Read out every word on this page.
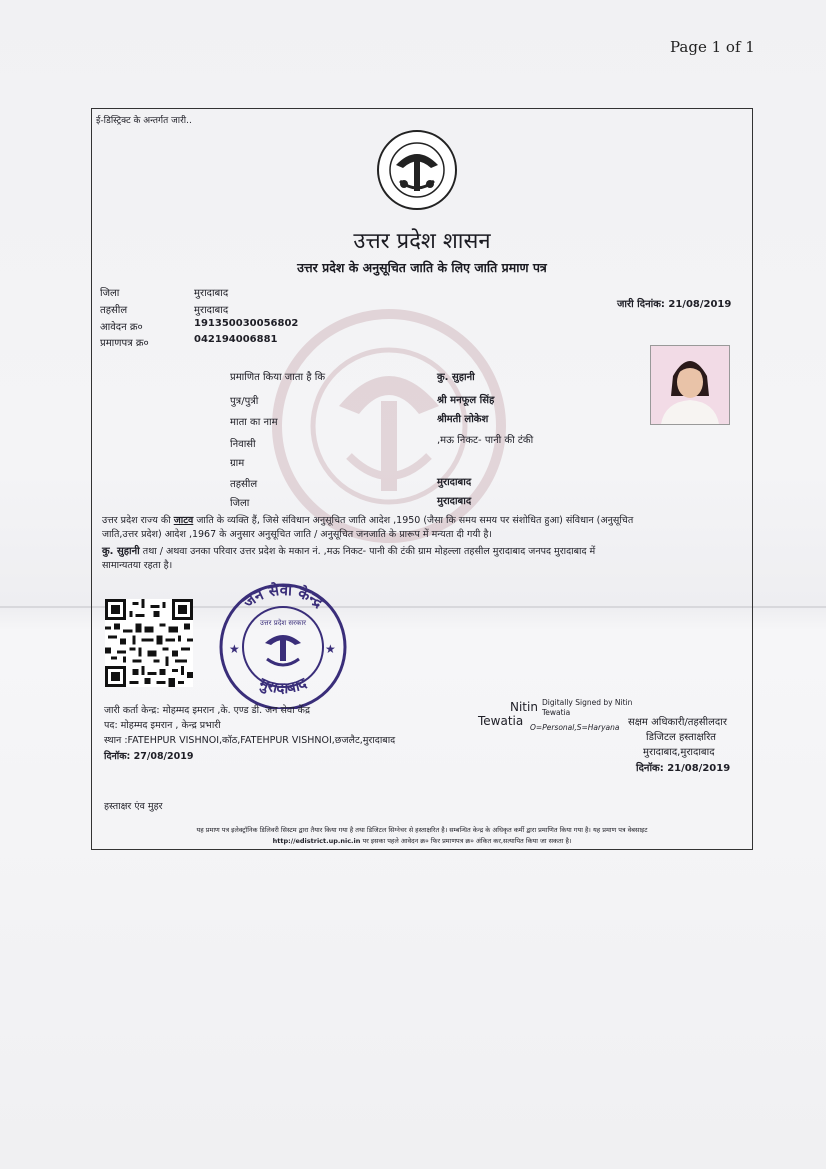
Page 1 of 1
ई-डिस्ट्रिक्ट के अन्तर्गत जारी..
उत्तर प्रदेश शासन
उत्तर प्रदेश के अनुसूचित जाति के लिए जाति प्रमाण पत्र
जिला	मुरादाबाद
तहसील	मुरादाबाद
आवेदन क्र०	191350030056802
प्रमाणपत्र क्र०	042194006881
जारी दिनांक: 21/08/2019
प्रमाणित किया जाता है कि	कु. सुहानी
पुत्र/पुत्री	श्री मनफूल सिंह
माता का नाम	श्रीमती लोकेश
निवासी	,मऊ निकट- पानी की टंकी
ग्राम
तहसील	मुरादाबाद
जिला	मुरादाबाद
उत्तर प्रदेश राज्य की जाटव जाति के व्यक्ति हैं, जिसे संविधान अनुसूचित जाति आदेश ,1950 (जैसा कि समय समय पर संशोधित हुआ) संविधान (अनुसूचित
जाति,उत्तर प्रदेश) आदेश ,1967 के अनुसार अनुसूचित जाति / अनुसूचित जनजाति के प्रारूप में मन्यता दी गयी है।
कु. सुहानी तथा / अथवा उनका परिवार उत्तर प्रदेश के मकान नं. ,मऊ निकट- पानी की टंकी ग्राम मोहल्ला तहसील मुरादाबाद जनपद मुरादाबाद में
सामान्यतया रहता है।
जन सेवा केन्द्र
मुरादाबाद
उत्तर प्रदेश सरकार
★	★
जारी कर्ता केन्द्र: मोहम्मद इमरान ,के. एण्ड डी. जन सेवा केंद्र
पद: मोहम्मद इमरान , केन्द्र प्रभारी
स्थान :FATEHPUR VISHNOI,कॉठ,FATEHPUR VISHNOI,छजलैट,मुरादाबाद
दिनॉक: 27/08/2019
Nitin
Tewatia
Digitally Signed by Nitin
Tewatia
O=Personal,S=Haryana सक्षम अधिकारी/तहसीलदार
डिजिटल हस्ताक्षरित
मुरादाबाद,मुरादाबाद
दिनॉक: 21/08/2019
हस्ताक्षर एंव मुहर
यह प्रमाण पत्र इलेक्ट्रॉनिक डिलिवरी सिस्टम द्वारा तैयार किया गया है तथा डिजिटल सिग्नेचर से हस्ताक्षरित है। सम्बन्धित केन्द्र के अधिकृत कर्मी द्वारा प्रमाणित किया गया है। यह प्रमाण पत्र वेबसाइट
http://edistrict.up.nic.in पर इसका पहले आवेदन क्र० फिर प्रमाणपत्र क्र० अंकित कर,सत्यापित किया जा सकता है।
